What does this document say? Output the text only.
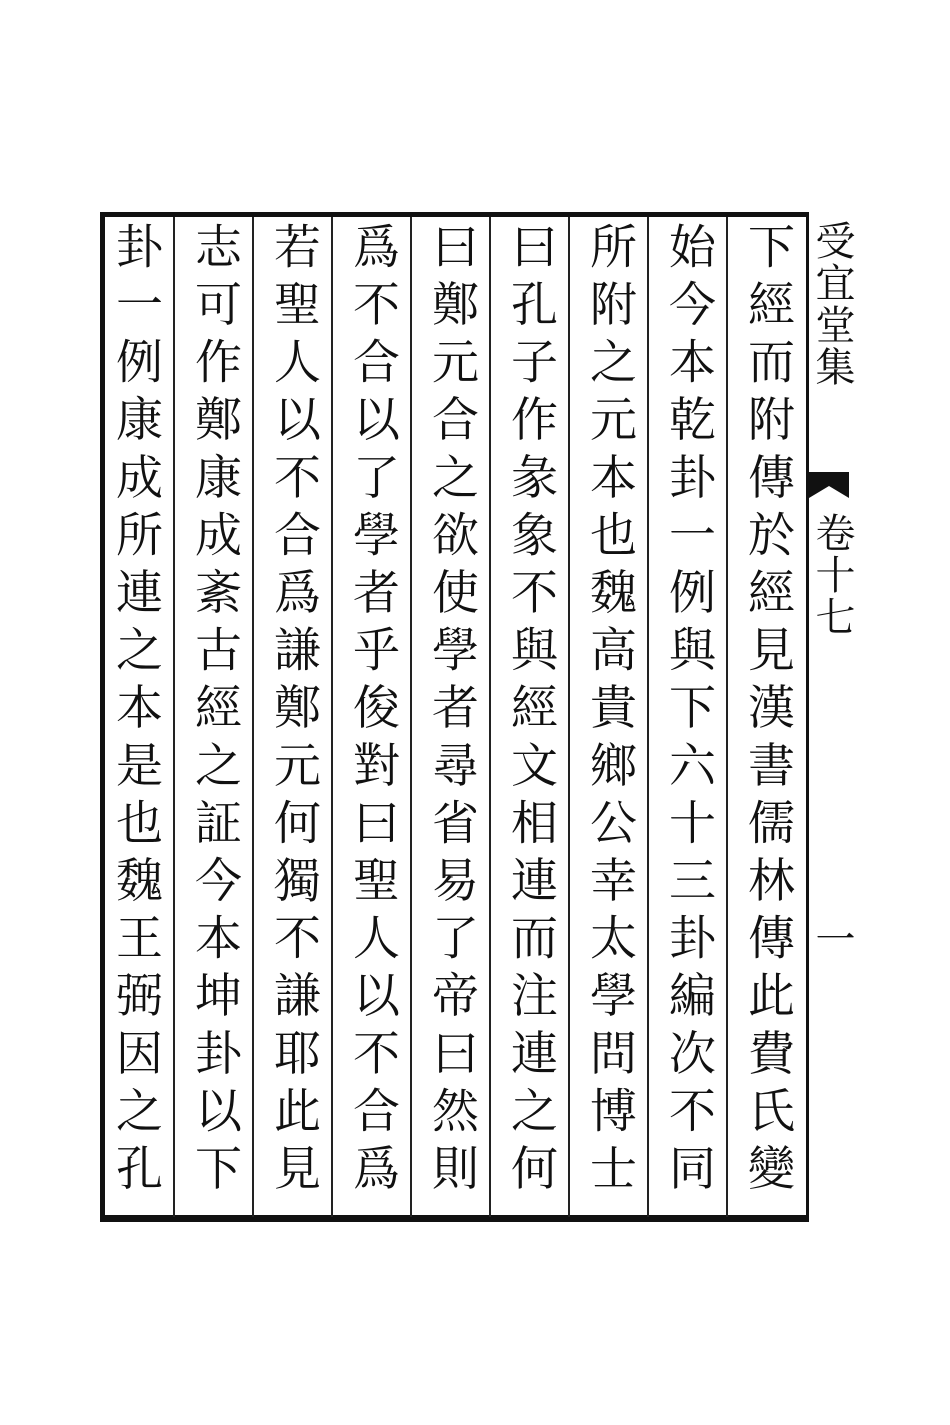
下經而附傳於經見漢書儒林傳此費氏變
始今本乾卦一例與下六十三卦編次不同
所附之元本也魏高貴鄉公幸太學問博士
曰孔子作彖象不與經文相連而注連之何
曰鄭元合之欲使學者尋省易了帝曰然則
爲不合以了學者乎俊對曰聖人以不合爲
若聖人以不合爲謙鄭元何獨不謙耶此見
志可作鄭康成紊古經之証今本坤卦以下
卦一例康成所連之本是也魏王弼因之孔
受宜堂集
卷十七
一
